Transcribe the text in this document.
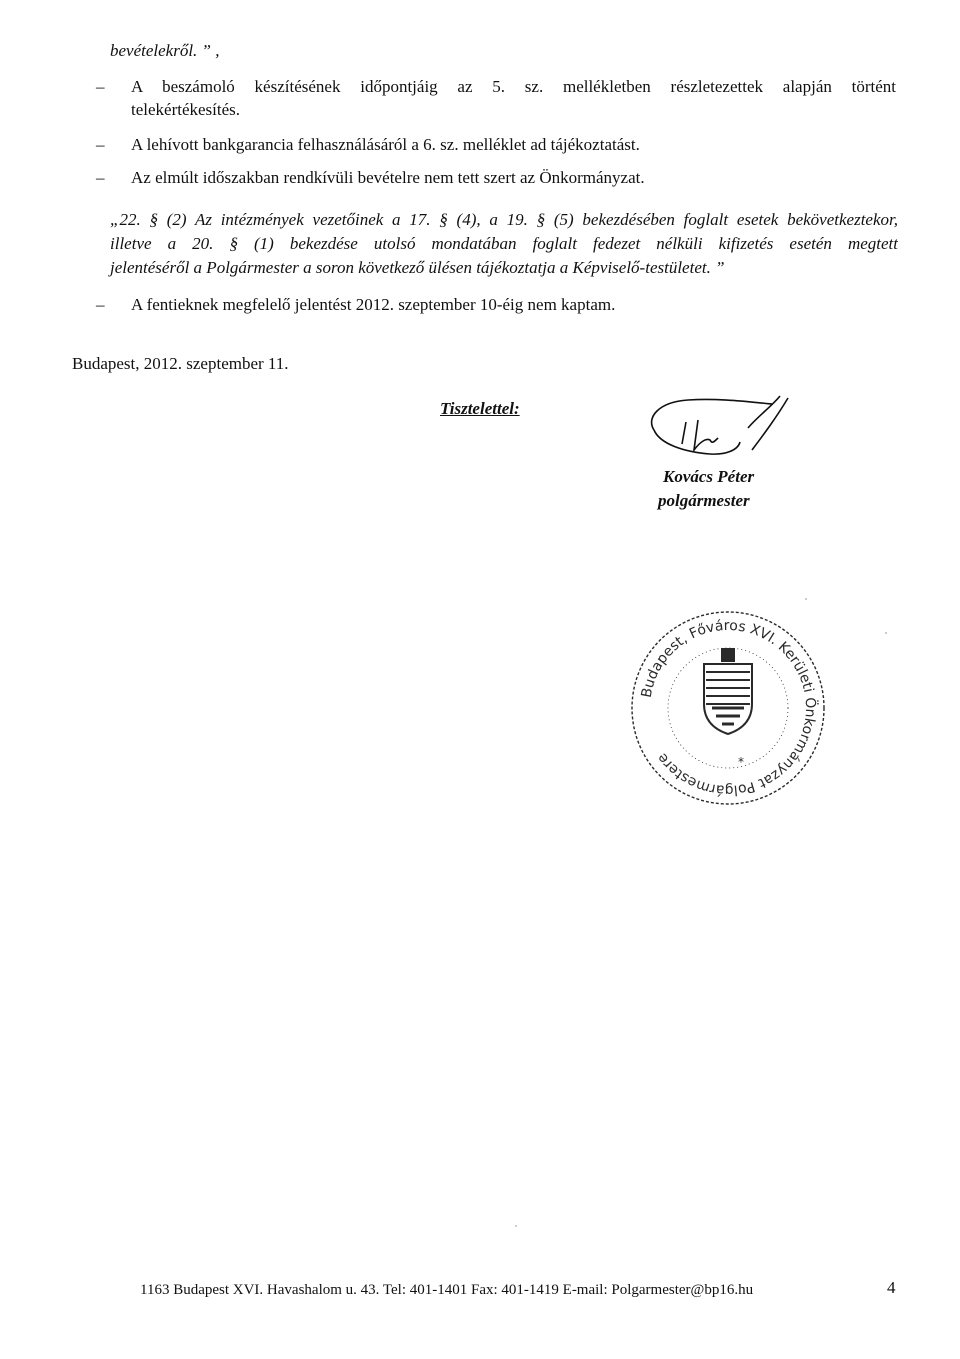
bevételekről. ” ,
– A beszámoló készítésének időpontjáig az 5. sz. mellékletben részletezettek alapján történt
telekértékesítés.
– A lehívott bankgarancia felhasználásáról a 6. sz. melléklet ad tájékoztatást.
– Az elmúlt időszakban rendkívüli bevételre nem tett szert az Önkormányzat.
„22. § (2) Az intézmények vezetőinek a 17. § (4), a 19. § (5) bekezdésében foglalt esetek bekövetkeztekor,
illetve a 20. § (1) bekezdése utolsó mondatában foglalt fedezet nélküli kifizetés esetén megtett
jelentéséről a Polgármester a soron következő ülésen tájékoztatja a Képviselő-testületet. ”
– A fentieknek megfelelő jelentést 2012. szeptember 10-éig nem kaptam.
Budapest, 2012. szeptember 11.
Tisztelettel:
Kovács Péter
polgármester
Budapest, Főváros XVI. Kerületi Önkormányzat Polgármestere	*
1163 Budapest XVI. Havashalom u. 43. Tel: 401-1401 Fax: 401-1419 E-mail: Polgarmester@bp16.hu	4
